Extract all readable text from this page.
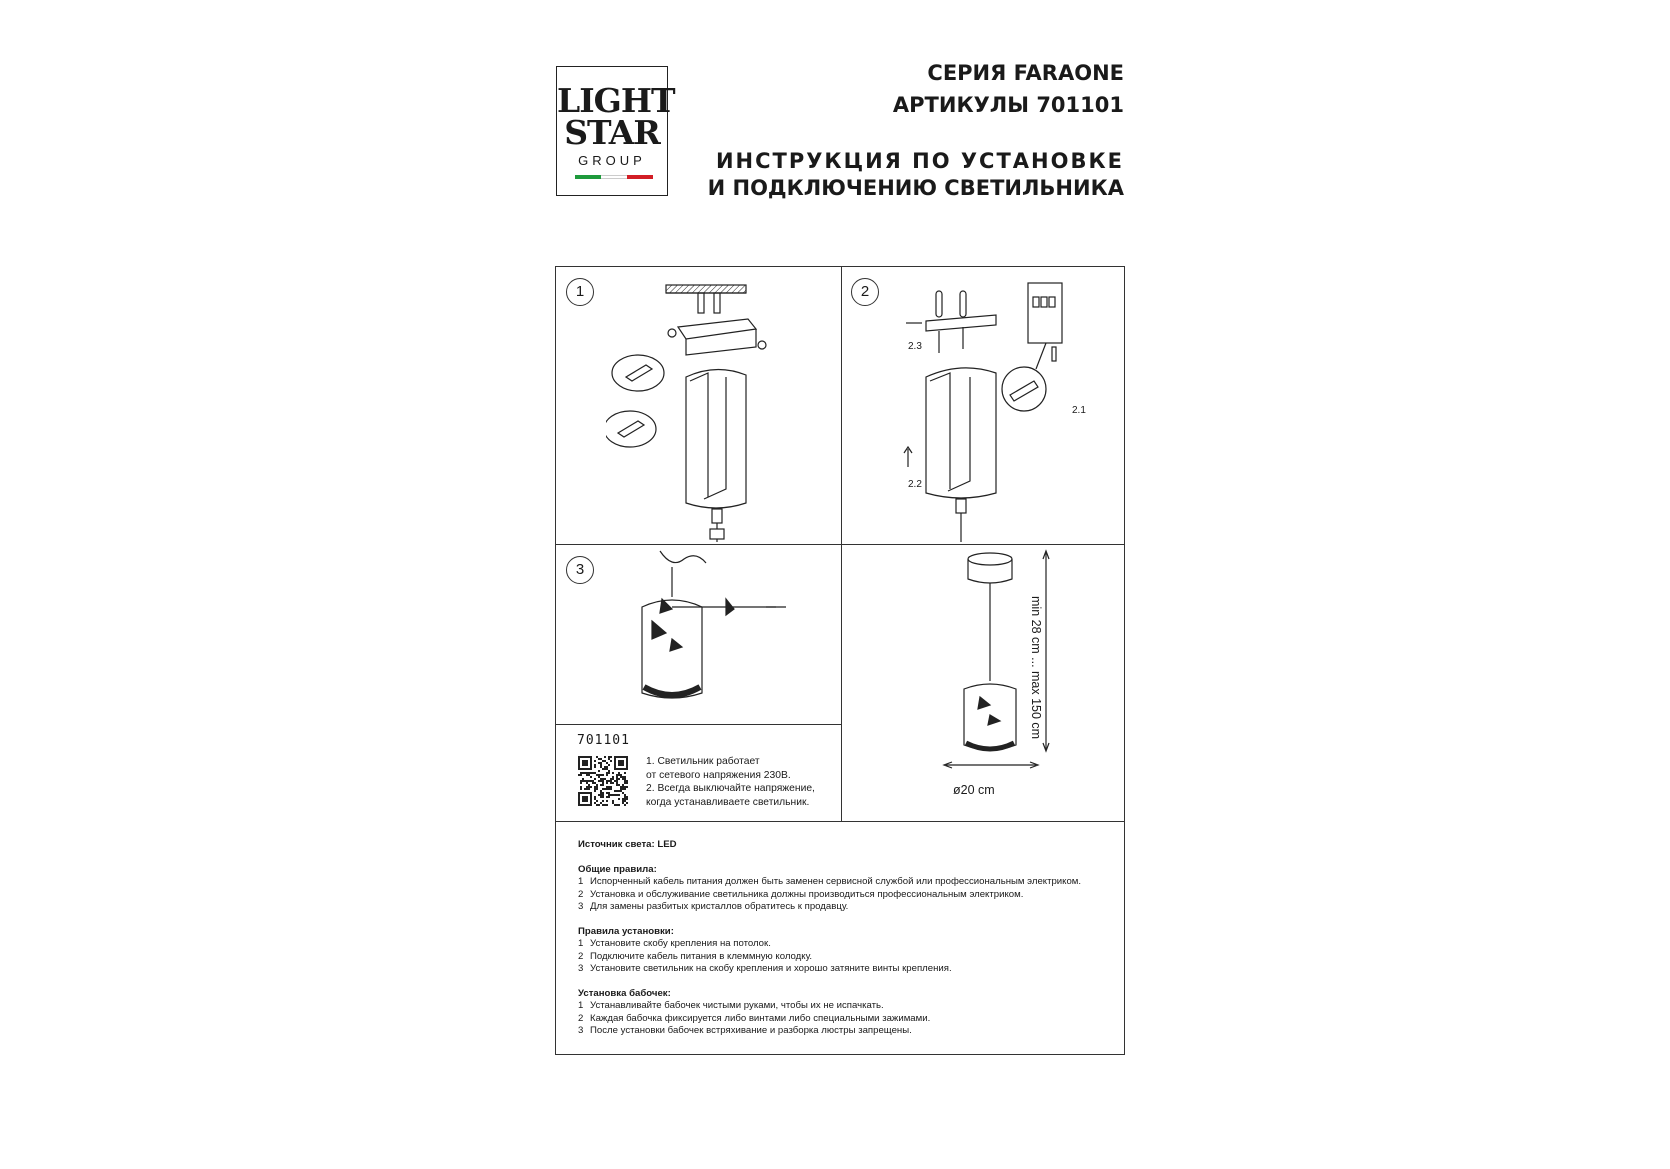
LIGHT
STAR
GROUP
СЕРИЯ FARAONE
АРТИКУЛЫ 701101
ИНСТРУКЦИЯ ПО УСТАНОВКЕ
И ПОДКЛЮЧЕНИЮ СВЕТИЛЬНИКА
1	2
3
2.3
2.1
2.2
min 28 cm ... max 150 cm
ø20 cm
701101
1. Светильник работает
от сетевого напряжения 230В.
2. Всегда выключайте напряжение,
когда устанавливаете светильник.
Источник света: LED
Общие правила:
1 Испорченный кабель питания должен быть заменен сервисной службой или профессиональным электриком.
2 Установка и обслуживание светильника должны производиться профессиональным электриком.
3 Для замены разбитых кристаллов обратитесь к продавцу.
Правила установки:
1 Установите скобу крепления на потолок.
2 Подключите кабель питания в клеммную колодку.
3 Установите светильник на скобу крепления и хорошо затяните винты крепления.
Установка бабочек:
1 Устанавливайте бабочек чистыми руками, чтобы их не испачкать.
2 Каждая бабочка фиксируется либо винтами либо специальными зажимами.
3 После установки бабочек встряхивание и разборка люстры запрещены.
